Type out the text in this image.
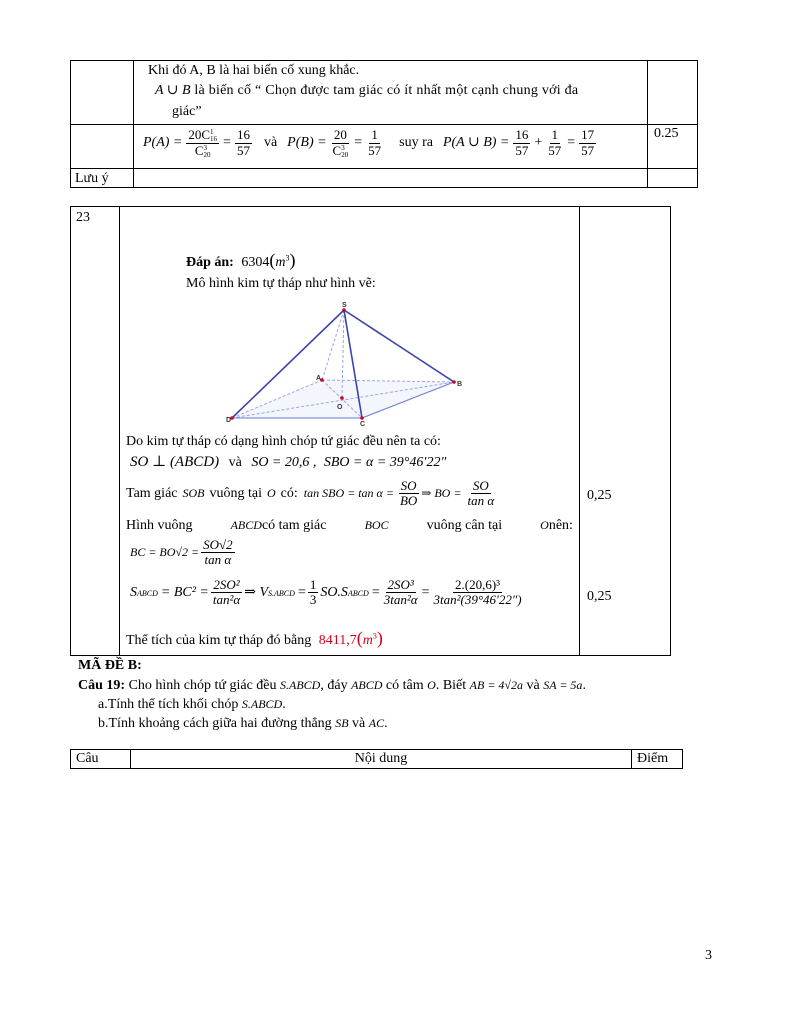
Khi đó A, B là hai biến cố xung khắc.
A ∪ B là biến cố “ Chọn được tam giác có ít nhất một cạnh chung với đa
giác”
P(A) = 20C 1
16
C 3
$20 = \frac{16}{57}$ và P(B) = 20
C 3
$20 = \frac{1}{57}$ suy ra P(A ∪ $B) = \frac{16}{57} + \frac{1}{57} = \frac{17}{57}$	0.25
Lưu ý
23
Đáp án: $6304(m^3)$
Mô hình kim tự tháp như hình vẽ:
S
A
B
C
D
O
Do kim tự tháp có dạng hình chóp tứ giác đều nên ta có:
SO ⊥ (ABCD) và SO = 20,6 , SBO = α = 39°46′22″
Tam giác SOB vuông tại O có: tan SBO = $\tan \alpha = \frac{SO}{BO}$ ⇒ BO = $\frac{SO}{\text{tan α}}$	0,25
Hình vuông	ABCDcó tam giác	BOC	vuông cân tại	Onên:
BC = $BO√2 = \frac{SO√2}{\text{tan α}}$
S ABCD = $BC^2 = \frac{\text{2SO²}}{\text{tan²α}}$ ⇒ V S.ABCD = $\frac{1}{3} SO.S$ ABCD = $\frac{\text{2SO³}}{\text{3tan²α}} = \frac{\text{2.(20,6)³}}{\text{3tan²(39°46′22″)}}$	0,25
Thể tích của kim tự tháp đó bằng $8411,7(m^3)$
MÃ ĐỀ B:
Câu 19: Cho hình chóp tứ giác đều S.ABCD, đáy ABCD có tâm O. Biết AB = 4√2a và SA = 5a.
a.Tính thể tích khối chóp S.ABCD.
b.Tính khoảng cách giữa hai đường thẳng SB và AC.
Câu	Nội dung	Điểm
3
